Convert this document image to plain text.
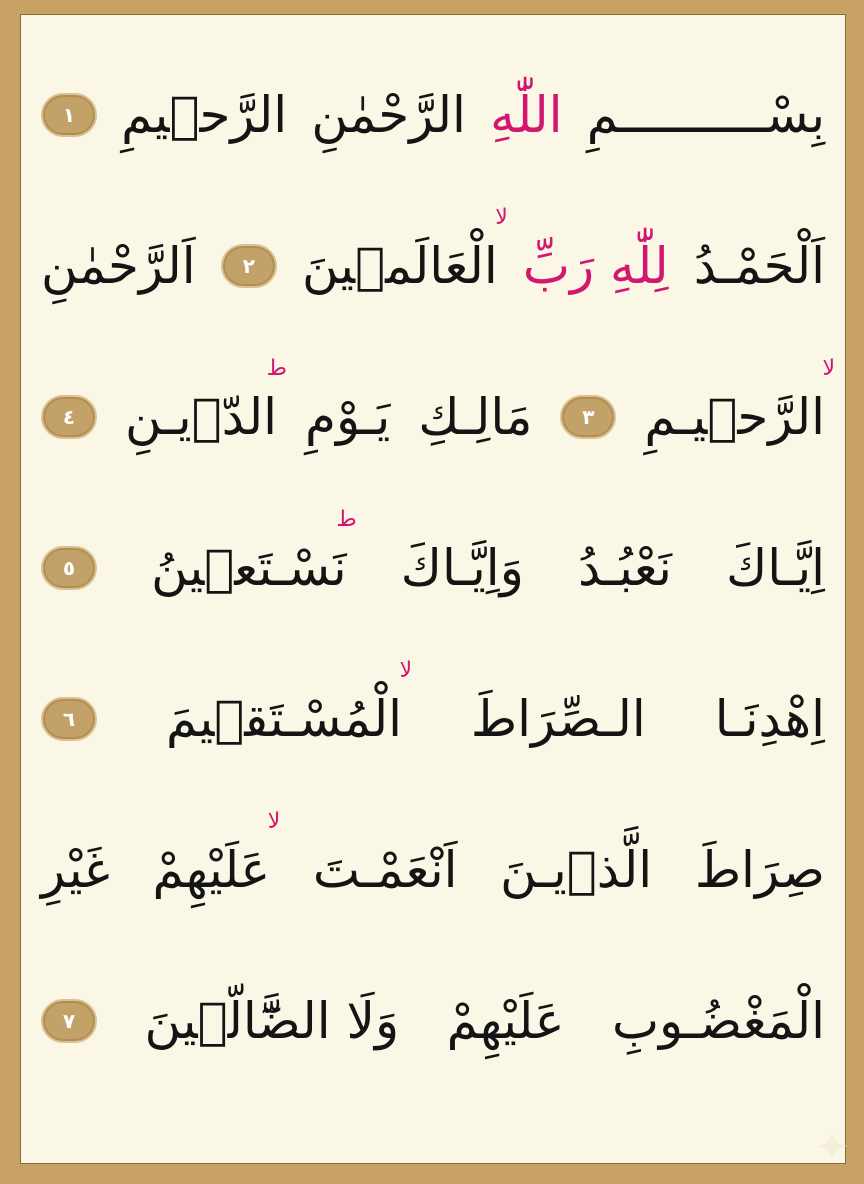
بِسْــــــــــمِ
اللّٰهِ
الرَّحْمٰنِ
الرَّح۪يمِ
١
اَلْحَمْـدُ
لِلّٰهِ رَبِّ
الْعَالَم۪ينَ
لا
٢
اَلرَّحْمٰنِ
الرَّح۪يـمِ
لا
٣
مَالِـكِ
يَـوْمِ
الدّ۪يـنِ
ط
٤
اِيَّـاكَ
نَعْبُـدُ
وَاِيَّـاكَ
نَسْـتَع۪ينُ
ط
٥
اِهْدِنَـا
الـصِّرَاطَ
الْمُسْـتَق۪يمَ
لا
٦
صِرَاطَ
الَّذ۪يـنَ
اَنْعَمْـتَ
عَلَيْهِمْ
لا
غَيْرِ
الْمَغْضُـوبِ
عَلَيْهِمْ
وَلَا الضَّٓالّ۪ينَ
٧
